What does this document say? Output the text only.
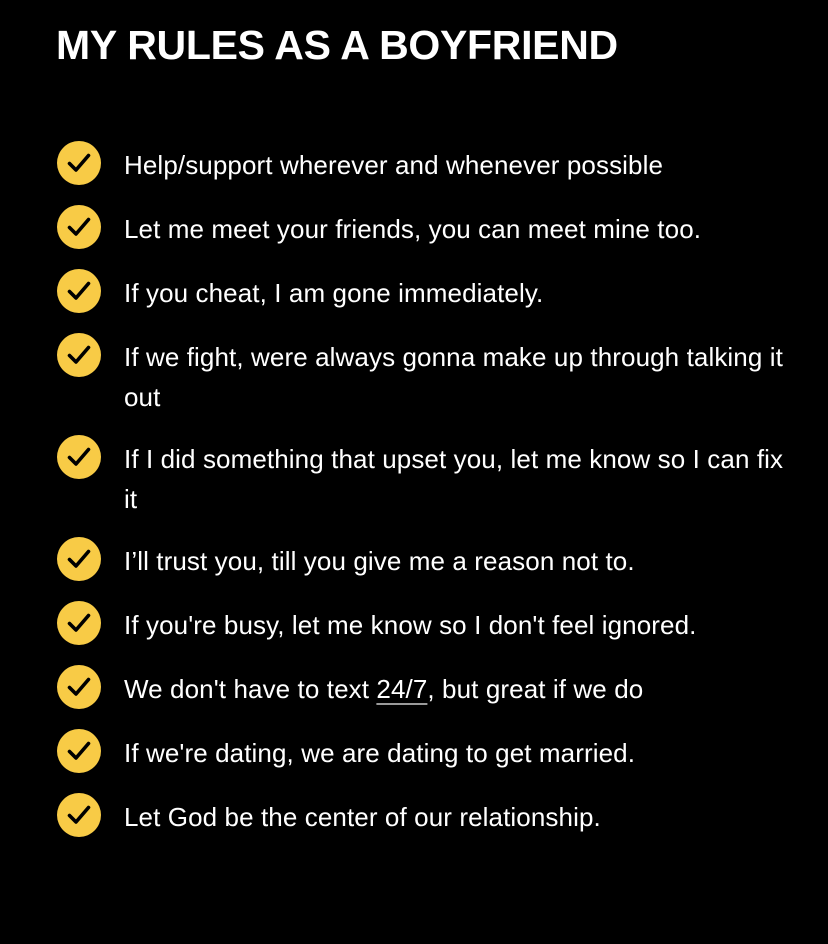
MY RULES AS A BOYFRIEND
Help/support wherever and whenever possible
Let me meet your friends, you can meet mine too.
If you cheat, I am gone immediately.
If we fight, were always gonna make up through talking it out
If I did something that upset you, let me know so I can fix it
I’ll trust you, till you give me a reason not to.
If you're busy, let me know so I don't feel ignored.
We don't have to text 24/7, but great if we do
If we're dating, we are dating to get married.
Let God be the center of our relationship.
